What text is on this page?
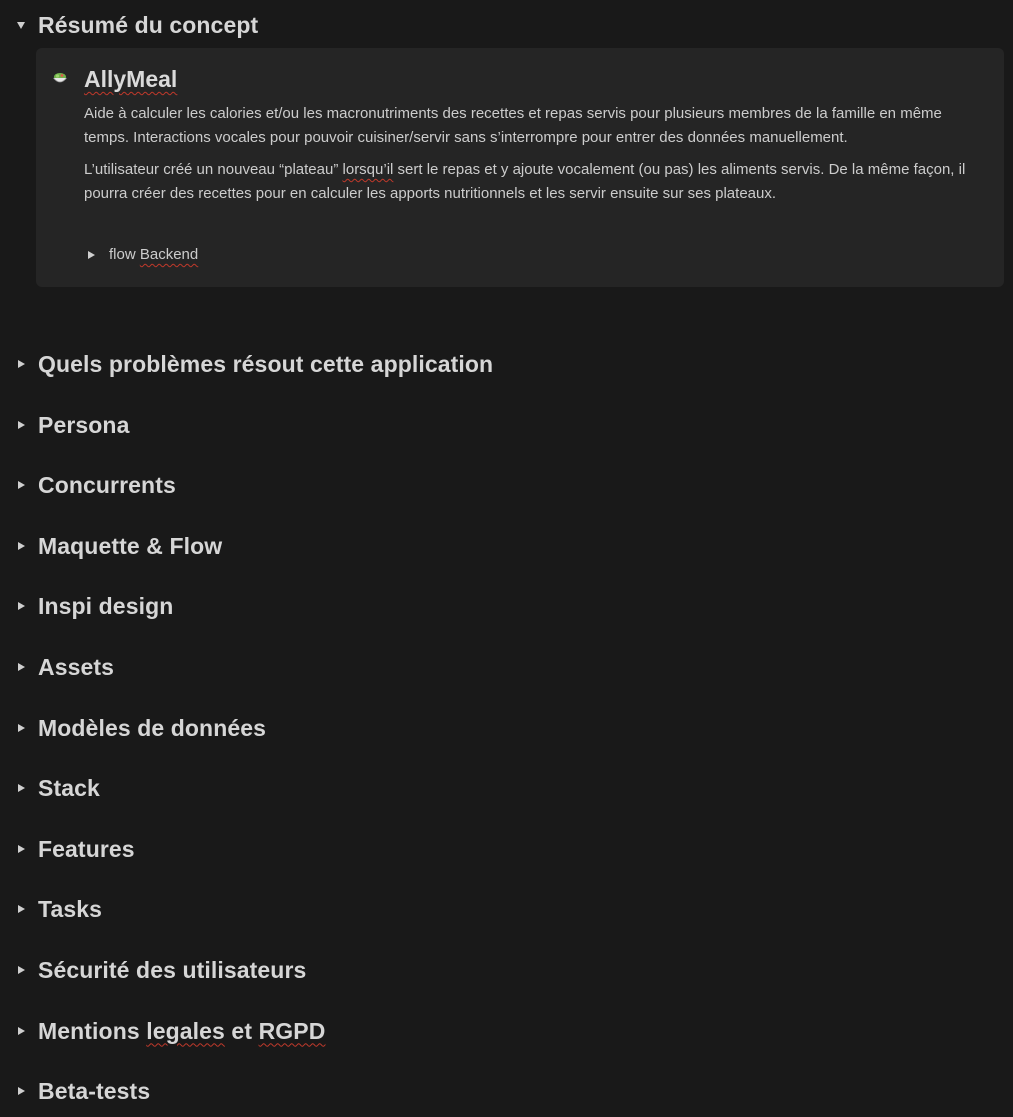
Résumé du concept
AllyMeal
Aide à calculer les calories et/ou les macronutriments des recettes et repas servis pour plusieurs membres de la famille en même temps. Interactions vocales pour pouvoir cuisiner/servir sans s’interrompre pour entrer des données manuellement.
L’utilisateur créé un nouveau “plateau” lorsqu’il sert le repas et y ajoute vocalement (ou pas) les aliments servis. De la même façon, il pourra créer des recettes pour en calculer les apports nutritionnels et les servir ensuite sur ses plateaux.
flow Backend
Quels problèmes résout cette application
Persona
Concurrents
Maquette & Flow
Inspi design
Assets
Modèles de données
Stack
Features
Tasks
Sécurité des utilisateurs
Mentions legales et RGPD
Beta-tests
